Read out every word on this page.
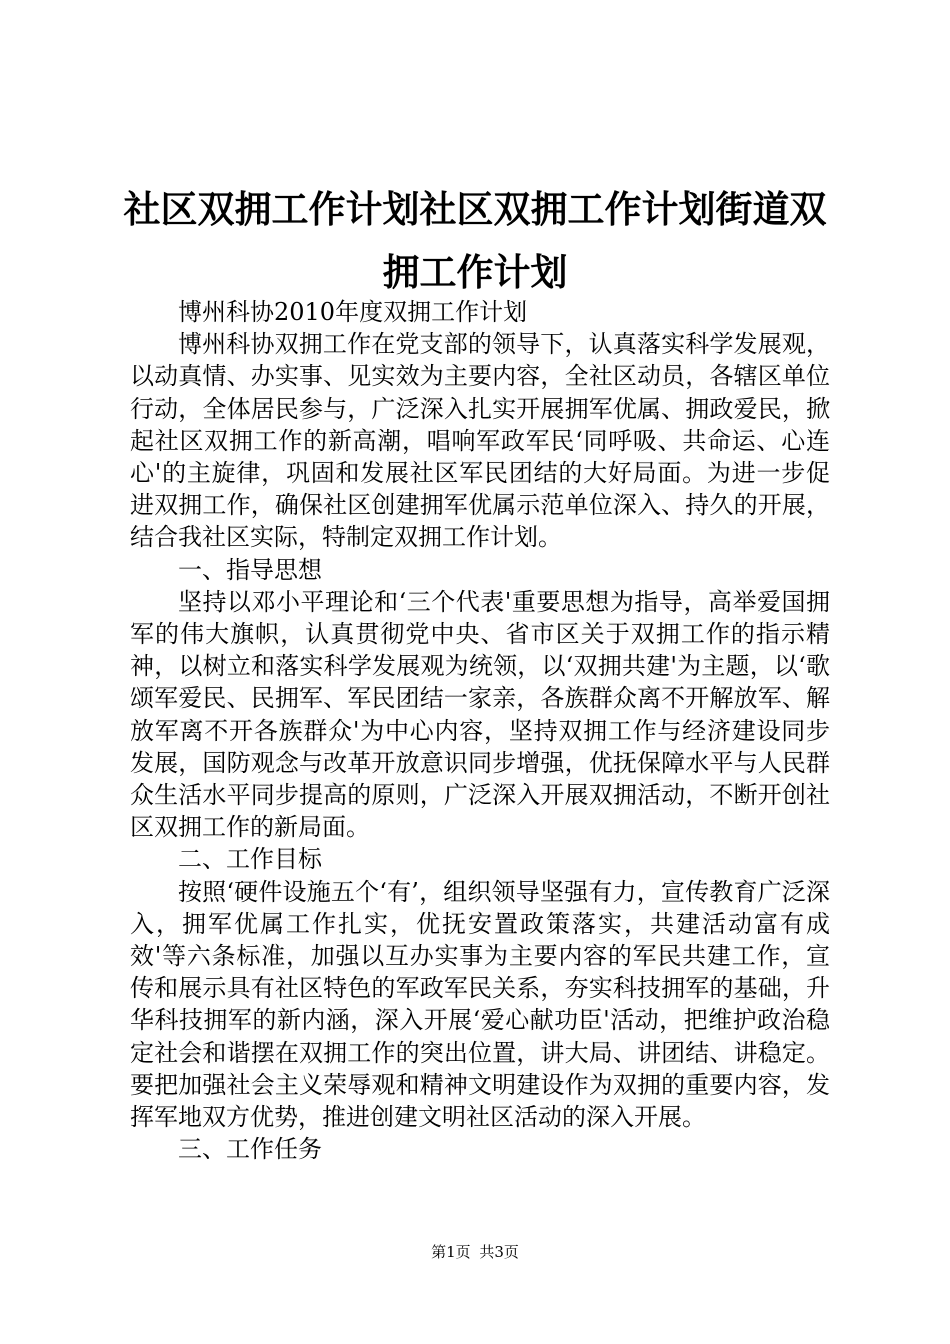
社区双拥工作计划社区双拥工作计划街道双拥工作计划

博州科协2010年度双拥工作计划

博州科协双拥工作在党支部的领导下，认真落实科学发展观，以动真情、办实事、见实效为主要内容，全社区动员，各辖区单位行动，全体居民参与，广泛深入扎实开展拥军优属、拥政爱民，掀起社区双拥工作的新高潮，唱响军政军民‘同呼吸、共命运、心连心'的主旋律，巩固和发展社区军民团结的大好局面。为进一步促进双拥工作，确保社区创建拥军优属示范单位深入、持久的开展，结合我社区实际，特制定双拥工作计划。

一、指导思想

坚持以邓小平理论和‘三个代表'重要思想为指导，高举爱国拥军的伟大旗帜，认真贯彻党中央、省市区关于双拥工作的指示精神，以树立和落实科学发展观为统领，以‘双拥共建'为主题，以‘歌颂军爱民、民拥军、军民团结一家亲，各族群众离不开解放军、解放军离不开各族群众'为中心内容，坚持双拥工作与经济建设同步发展，国防观念与改革开放意识同步增强，优抚保障水平与人民群众生活水平同步提高的原则，广泛深入开展双拥活动，不断开创社区双拥工作的新局面。

二、工作目标

按照‘硬件设施五个‘有’，组织领导坚强有力，宣传教育广泛深入，拥军优属工作扎实，优抚安置政策落实，共建活动富有成效'等六条标准，加强以互办实事为主要内容的军民共建工作，宣传和展示具有社区特色的军政军民关系，夯实科技拥军的基础，升华科技拥军的新内涵，深入开展‘爱心献功臣'活动，把维护政治稳定社会和谐摆在双拥工作的突出位置，讲大局、讲团结、讲稳定。要把加强社会主义荣辱观和精神文明建设作为双拥的重要内容，发挥军地双方优势，推进创建文明社区活动的深入开展。

三、工作任务

第1页 共3页
